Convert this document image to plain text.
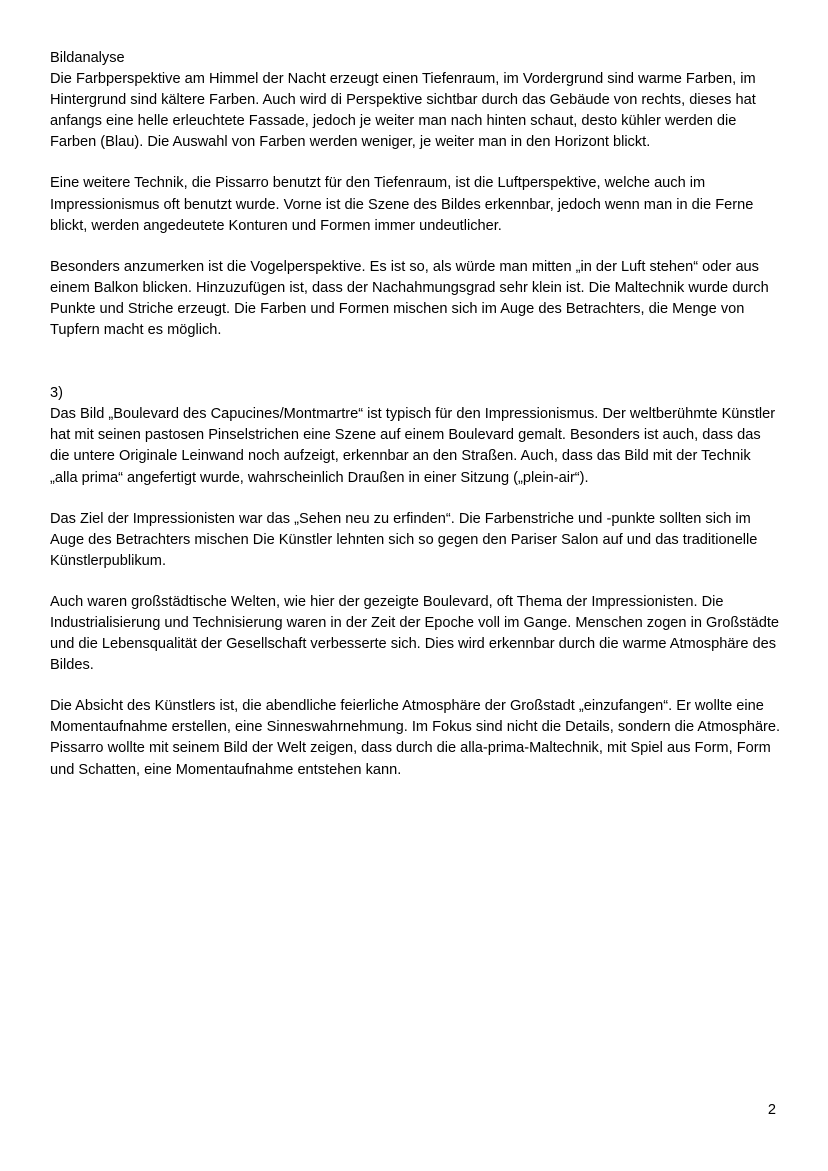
Bildanalyse

Die Farbperspektive am Himmel der Nacht erzeugt einen Tiefenraum, im Vordergrund sind warme Farben, im Hintergrund sind kältere Farben. Auch wird di Perspektive sichtbar durch das Gebäude von rechts, dieses hat anfangs eine helle erleuchtete Fassade, jedoch je weiter man nach hinten schaut, desto kühler werden die Farben (Blau). Die Auswahl von Farben werden weniger, je weiter man in den Horizont blickt.

Eine weitere Technik, die Pissarro benutzt für den Tiefenraum, ist die Luftperspektive, welche auch im Impressionismus oft benutzt wurde. Vorne ist die Szene des Bildes erkennbar, jedoch wenn man in die Ferne blickt, werden angedeutete Konturen und Formen immer undeutlicher.

Besonders anzumerken ist die Vogelperspektive. Es ist so, als würde man mitten „in der Luft stehen“ oder aus einem Balkon blicken. Hinzuzufügen ist, dass der Nachahmungsgrad sehr klein ist. Die Maltechnik wurde durch Punkte und Striche erzeugt. Die Farben und Formen mischen sich im Auge des Betrachters, die Menge von Tupfern macht es möglich.

3)

Das Bild „Boulevard des Capucines/Montmartre“ ist typisch für den Impressionismus. Der weltberühmte Künstler hat mit seinen pastosen Pinselstrichen eine Szene auf einem Boulevard gemalt. Besonders ist auch, dass das die untere Originale Leinwand noch aufzeigt, erkennbar an den Straßen. Auch, dass das Bild mit der Technik „alla prima“ angefertigt wurde, wahrscheinlich Draußen in einer Sitzung („plein-air“).

Das Ziel der Impressionisten war das „Sehen neu zu erfinden“. Die Farbenstriche und -punkte sollten sich im Auge des Betrachters mischen Die Künstler lehnten sich so gegen den Pariser Salon auf und das traditionelle Künstlerpublikum.

Auch waren großstädtische Welten, wie hier der gezeigte Boulevard, oft Thema der Impressionisten. Die Industrialisierung und Technisierung waren in der Zeit der Epoche voll im Gange. Menschen zogen in Großstädte und die Lebensqualität der Gesellschaft verbesserte sich. Dies wird erkennbar durch die warme Atmosphäre des Bildes.

Die Absicht des Künstlers ist, die abendliche feierliche Atmosphäre der Großstadt „einzufangen“. Er wollte eine Momentaufnahme erstellen, eine Sinneswahrnehmung. Im Fokus sind nicht die Details, sondern die Atmosphäre. Pissarro wollte mit seinem Bild der Welt zeigen, dass durch die alla-prima-Maltechnik, mit Spiel aus Form, Form und Schatten, eine Momentaufnahme entstehen kann.

2
